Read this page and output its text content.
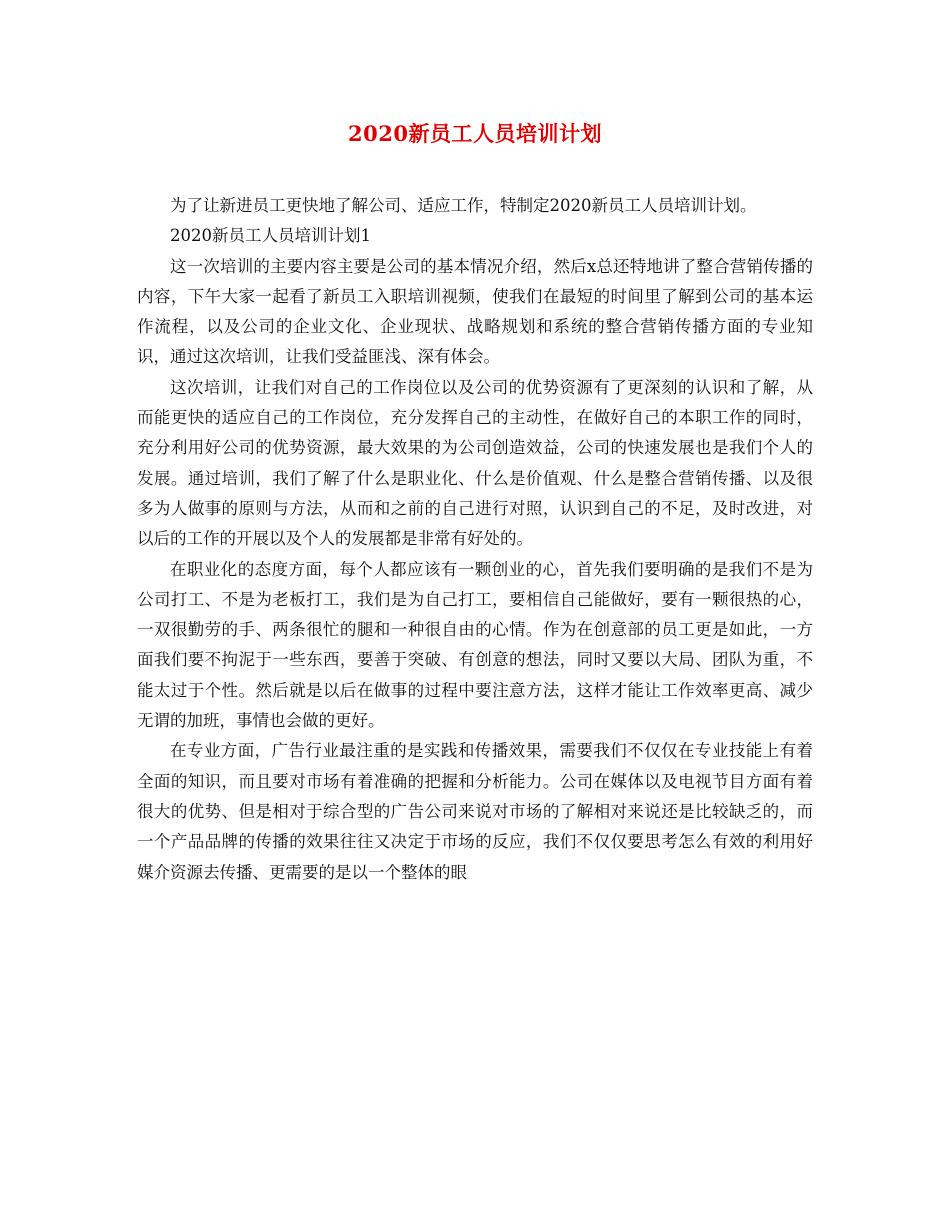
2020新员工人员培训计划

为了让新进员工更快地了解公司、适应工作，特制定2020新员工人员培训计划。

2020新员工人员培训计划1

这一次培训的主要内容主要是公司的基本情况介绍，然后x总还特地讲了整合营销传播的内容，下午大家一起看了新员工入职培训视频，使我们在最短的时间里了解到公司的基本运作流程，以及公司的企业文化、企业现状、战略规划和系统的整合营销传播方面的专业知识，通过这次培训，让我们受益匪浅、深有体会。

这次培训，让我们对自己的工作岗位以及公司的优势资源有了更深刻的认识和了解，从而能更快的适应自己的工作岗位，充分发挥自己的主动性，在做好自己的本职工作的同时，充分利用好公司的优势资源，最大效果的为公司创造效益，公司的快速发展也是我们个人的发展。通过培训，我们了解了什么是职业化、什么是价值观、什么是整合营销传播、以及很多为人做事的原则与方法，从而和之前的自己进行对照，认识到自己的不足，及时改进，对以后的工作的开展以及个人的发展都是非常有好处的。

在职业化的态度方面，每个人都应该有一颗创业的心，首先我们要明确的是我们不是为公司打工、不是为老板打工，我们是为自己打工，要相信自己能做好，要有一颗很热的心，一双很勤劳的手、两条很忙的腿和一种很自由的心情。作为在创意部的员工更是如此，一方面我们要不拘泥于一些东西，要善于突破、有创意的想法，同时又要以大局、团队为重，不能太过于个性。然后就是以后在做事的过程中要注意方法，这样才能让工作效率更高、减少无谓的加班，事情也会做的更好。

在专业方面，广告行业最注重的是实践和传播效果，需要我们不仅仅在专业技能上有着全面的知识，而且要对市场有着准确的把握和分析能力。公司在媒体以及电视节目方面有着很大的优势、但是相对于综合型的广告公司来说对市场的了解相对来说还是比较缺乏的，而一个产品品牌的传播的效果往往又决定于市场的反应，我们不仅仅要思考怎么有效的利用好媒介资源去传播、更需要的是以一个整体的眼
